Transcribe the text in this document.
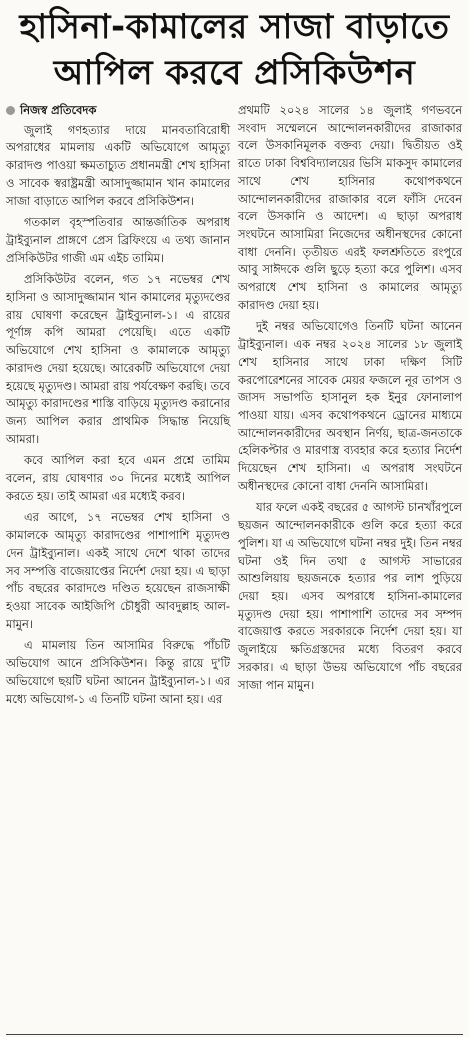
হাসিনা-কামালের সাজা বাড়াতে
আপিল করবে প্রসিকিউশন
নিজস্ব প্রতিবেদক

জুলাই গণহত্যার দায়ে মানবতাবিরোধী অপরাধের মামলায় একটি অভিযোগে আমৃত্যু কারাদণ্ড পাওয়া ক্ষমতাচ্যুত প্রধানমন্ত্রী শেখ হাসিনা ও সাবেক স্বরাষ্ট্রমন্ত্রী আসাদুজ্জামান খান কামালের সাজা বাড়াতে আপিল করবে প্রসিকিউশন।

গতকাল বৃহস্পতিবার আন্তর্জাতিক অপরাধ ট্রাইব্যুনাল প্রাঙ্গণে প্রেস ব্রিফিংয়ে এ তথ্য জানান প্রসিকিউটর গাজী এম এইচ তামিম।

প্রসিকিউটর বলেন, গত ১৭ নভেম্বর শেখ হাসিনা ও আসাদুজ্জামান খান কামালের মৃত্যুদণ্ডের রায় ঘোষণা করেছেন ট্রাইব্যুনাল-১। এ রায়ের পূর্ণাঙ্গ কপি আমরা পেয়েছি। এতে একটি অভিযোগে শেখ হাসিনা ও কামালকে আমৃত্যু কারাদণ্ড দেয়া হয়েছে। আরেকটি অভিযোগে দেয়া হয়েছে মৃত্যুদণ্ড। আমরা রায় পর্যবেক্ষণ করছি। তবে আমৃত্যু কারাদণ্ডের শাস্তি বাড়িয়ে মৃত্যুদণ্ড করানোর জন্য আপিল করার প্রাথমিক সিদ্ধান্ত নিয়েছি আমরা।

কবে আপিল করা হবে এমন প্রশ্নে তামিম বলেন, রায় ঘোষণার ৩০ দিনের মধ্যেই আপিল করতে হয়। তাই আমরা এর মধ্যেই করব।

এর আগে, ১৭ নভেম্বর শেখ হাসিনা ও কামালকে আমৃত্যু কারাদণ্ডের পাশাপাশি মৃত্যুদণ্ড দেন ট্রাইব্যুনাল। একই সাথে দেশে থাকা তাদের সব সম্পত্তি বাজেয়াপ্তের নির্দেশ দেয়া হয়। এ ছাড়া পাঁচ বছরের কারাদণ্ডে দণ্ডিত হয়েছেন রাজসাক্ষী হওয়া সাবেক আইজিপি চৌধুরী আবদুল্লাহ আল-মামুন।

এ মামলায় তিন আসামির বিরুদ্ধে পাঁচটি অভিযোগ আনে প্রসিকিউশন। কিন্তু রায়ে দু'টি অভিযোগে ছয়টি ঘটনা আনেন ট্রাইব্যুনাল-১। এর মধ্যে অভিযোগ-১ এ তিনটি ঘটনা আনা হয়। এর

প্রথমটি ২০২৪ সালের ১৪ জুলাই গণভবনে সংবাদ সম্মেলনে আন্দোলনকারীদের রাজাকার বলে উসকানিমূলক বক্তব্য দেয়া। দ্বিতীয়ত ওই রাতে ঢাকা বিশ্ববিদ্যালয়ের ভিসি মাকসুদ কামালের সাথে শেখ হাসিনার কথোপকথনে আন্দোলনকারীদের রাজাকার বলে ফাঁসি দেবেন বলে উসকানি ও আদেশ। এ ছাড়া অপরাধ সংঘটনে আসামিরা নিজেদের অধীনস্থদের কোনো বাধা দেননি। তৃতীয়ত এরই ফলশ্রুতিতে রংপুরে আবু সাঈদকে গুলি ছুড়ে হত্যা করে পুলিশ। এসব অপরাধে শেখ হাসিনা ও কামালের আমৃত্যু কারাদণ্ড দেয়া হয়।

দুই নম্বর অভিযোগেও তিনটি ঘটনা আনেন ট্রাইব্যুনাল। এক নম্বর ২০২৪ সালের ১৮ জুলাই শেখ হাসিনার সাথে ঢাকা দক্ষিণ সিটি করপোরেশনের সাবেক মেয়র ফজলে নূর তাপস ও জাসদ সভাপতি হাসানুল হক ইনুর ফোনালাপ পাওয়া যায়। এসব কথোপকথনে ড্রোনের মাধ্যমে আন্দোলনকারীদের অবস্থান নির্ণয়, ছাত্র-জনতাকে হেলিকপ্টার ও মারণাস্ত্র ব্যবহার করে হত্যার নির্দেশ দিয়েছেন শেখ হাসিনা। এ অপরাধ সংঘটনে অধীনস্থদের কোনো বাধা দেননি আসামিরা।

যার ফলে একই বছরের ৫ আগস্ট চানখাঁরপুলে ছয়জন আন্দোলনকারীকে গুলি করে হত্যা করে পুলিশ। যা এ অভিযোগে ঘটনা নম্বর দুই। তিন নম্বর ঘটনা ওই দিন তথা ৫ আগস্ট সাভারের আশুলিয়ায় ছয়জনকে হত্যার পর লাশ পুড়িয়ে দেয়া হয়। এসব অপরাধে হাসিনা-কামালের মৃত্যুদণ্ড দেয়া হয়। পাশাপাশি তাদের সব সম্পদ বাজেয়াপ্ত করতে সরকারকে নির্দেশ দেয়া হয়। যা জুলাইয়ে ক্ষতিগ্রস্তদের মধ্যে বিতরণ করবে সরকার। এ ছাড়া উভয় অভিযোগে পাঁচ বছরের সাজা পান মামুন।
